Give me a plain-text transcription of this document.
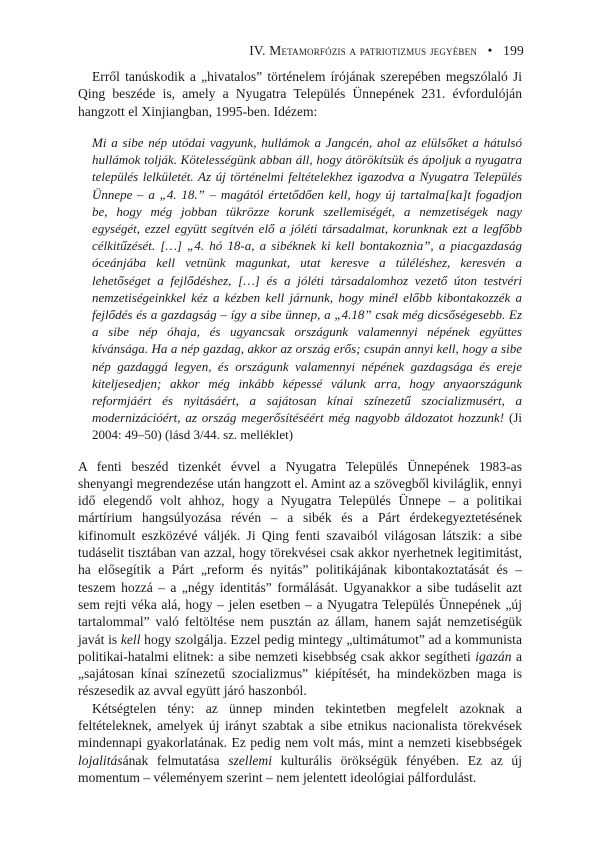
IV. Metamorfózis a patriotizmus jegyében • 199

Erről tanúskodik a „hivatalos” történelem írójának szerepében megszólaló Ji Qing beszéde is, amely a Nyugatra Település Ünnepének 231. évfordulóján hangzott el Xinjiangban, 1995-ben. Idézem:

Mi a sibe nép utódai vagyunk, hullámok a Jangcén, ahol az elülsőket a hátulsó hullámok tolják. Kötelességünk abban áll, hogy átörökítsük és ápoljuk a nyugatra település lelkületét. Az új történelmi feltételekhez igazodva a Nyugatra Település Ünnepe – a „4. 18.” – magától értetődően kell, hogy új tartalma[ka]t fogadjon be, hogy még jobban tükrözze korunk szellemiségét, a nemzetiségek nagy egységét, ezzel együtt segítvén elő a jóléti társadalmat, korunknak ezt a legfőbb célkitűzését. […] „4. hó 18-a, a sibéknek ki kell bontakoznia”, a piacgazdaság óceánjába kell vetnünk magunkat, utat keresve a túléléshez, keresvén a lehetőséget a fejlődéshez, […] és a jóléti társadalomhoz vezető úton testvéri nemzetiségeinkkel kéz a kézben kell járnunk, hogy minél előbb kibontakozzék a fejlődés és a gazdagság – így a sibe ünnep, a „4.18” csak még dicsőségesebb. Ez a sibe nép óhaja, és ugyancsak országunk valamennyi népének együttes kívánsága. Ha a nép gazdag, akkor az ország erős; csupán annyi kell, hogy a sibe nép gazdaggá legyen, és országunk valamennyi népének gazdagsága és ereje kiteljesedjen; akkor még inkább képessé válunk arra, hogy anyaországunk reformjáért és nyitásáért, a sajátosan kínai színezetű szocializmusért, a modernizációért, az ország megerősítéséért még nagyobb áldozatot hozzunk! (Ji 2004: 49–50) (lásd 3/44. sz. melléklet)

A fenti beszéd tizenkét évvel a Nyugatra Település Ünnepének 1983-as shenyangi megrendezése után hangzott el. Amint az a szövegből kiviláglik, ennyi idő elegendő volt ahhoz, hogy a Nyugatra Település Ünnepe – a politikai mártírium hangsúlyozása révén – a sibék és a Párt érdekegyeztetésének kifinomult eszközévé váljék. Ji Qing fenti szavaiból világosan látszik: a sibe tudáselit tisztában van azzal, hogy törekvései csak akkor nyerhetnek legitimitást, ha elősegítik a Párt „reform és nyitás” politikájának kibontakoztatását és – teszem hozzá – a „négy identitás” formálását. Ugyanakkor a sibe tudáselit azt sem rejti véka alá, hogy – jelen esetben – a Nyugatra Település Ünnepének „új tartalommal” való feltöltése nem pusztán az állam, hanem saját nemzetiségük javát is kell hogy szolgálja. Ezzel pedig mintegy „ultimátumot” ad a kommunista politikai-hatalmi elitnek: a sibe nemzeti kisebbség csak akkor segítheti igazán a „sajátosan kínai színezetű szocializmus” kiépítését, ha mindeközben maga is részesedik az avval együtt járó haszonból.

Kétségtelen tény: az ünnep minden tekintetben megfelelt azoknak a feltételeknek, amelyek új irányt szabtak a sibe etnikus nacionalista törekvések mindennapi gyakorlatának. Ez pedig nem volt más, mint a nemzeti kisebbségek lojalitásának felmutatása szellemi kulturális örökségük fényében. Ez az új momentum – véleményem szerint – nem jelentett ideológiai pálfordulást.
